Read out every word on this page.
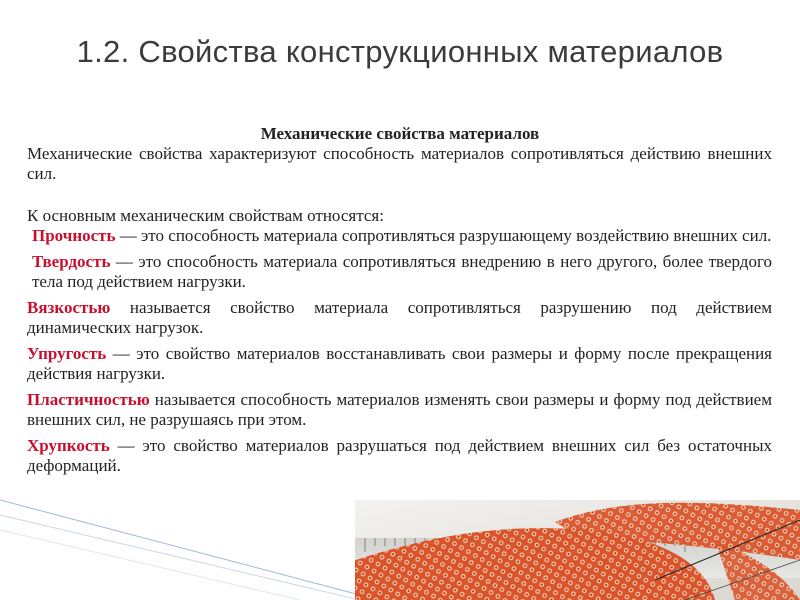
1.2. Свойства конструкционных материалов
Механические свойства материалов

Механические свойства характеризуют способность материалов сопротивляться действию внешних сил.

К основным механическим свойствам относятся:

Прочность — это способность материала сопротивляться разрушающему воздействию внешних сил.

Твердость — это способность материала сопротивляться внедрению в него другого, более твердого тела под действием нагрузки.

Вязкостью называется свойство материала сопротивляться разрушению под действием динамических нагрузок.

Упругость — это свойство материалов восстанавливать свои размеры и форму после прекращения действия нагрузки.

Пластичностью называется способность материалов изменять свои размеры и форму под действием внешних сил, не разрушаясь при этом.

Хрупкость — это свойство материалов разрушаться под действием внешних сил без остаточных деформаций.
